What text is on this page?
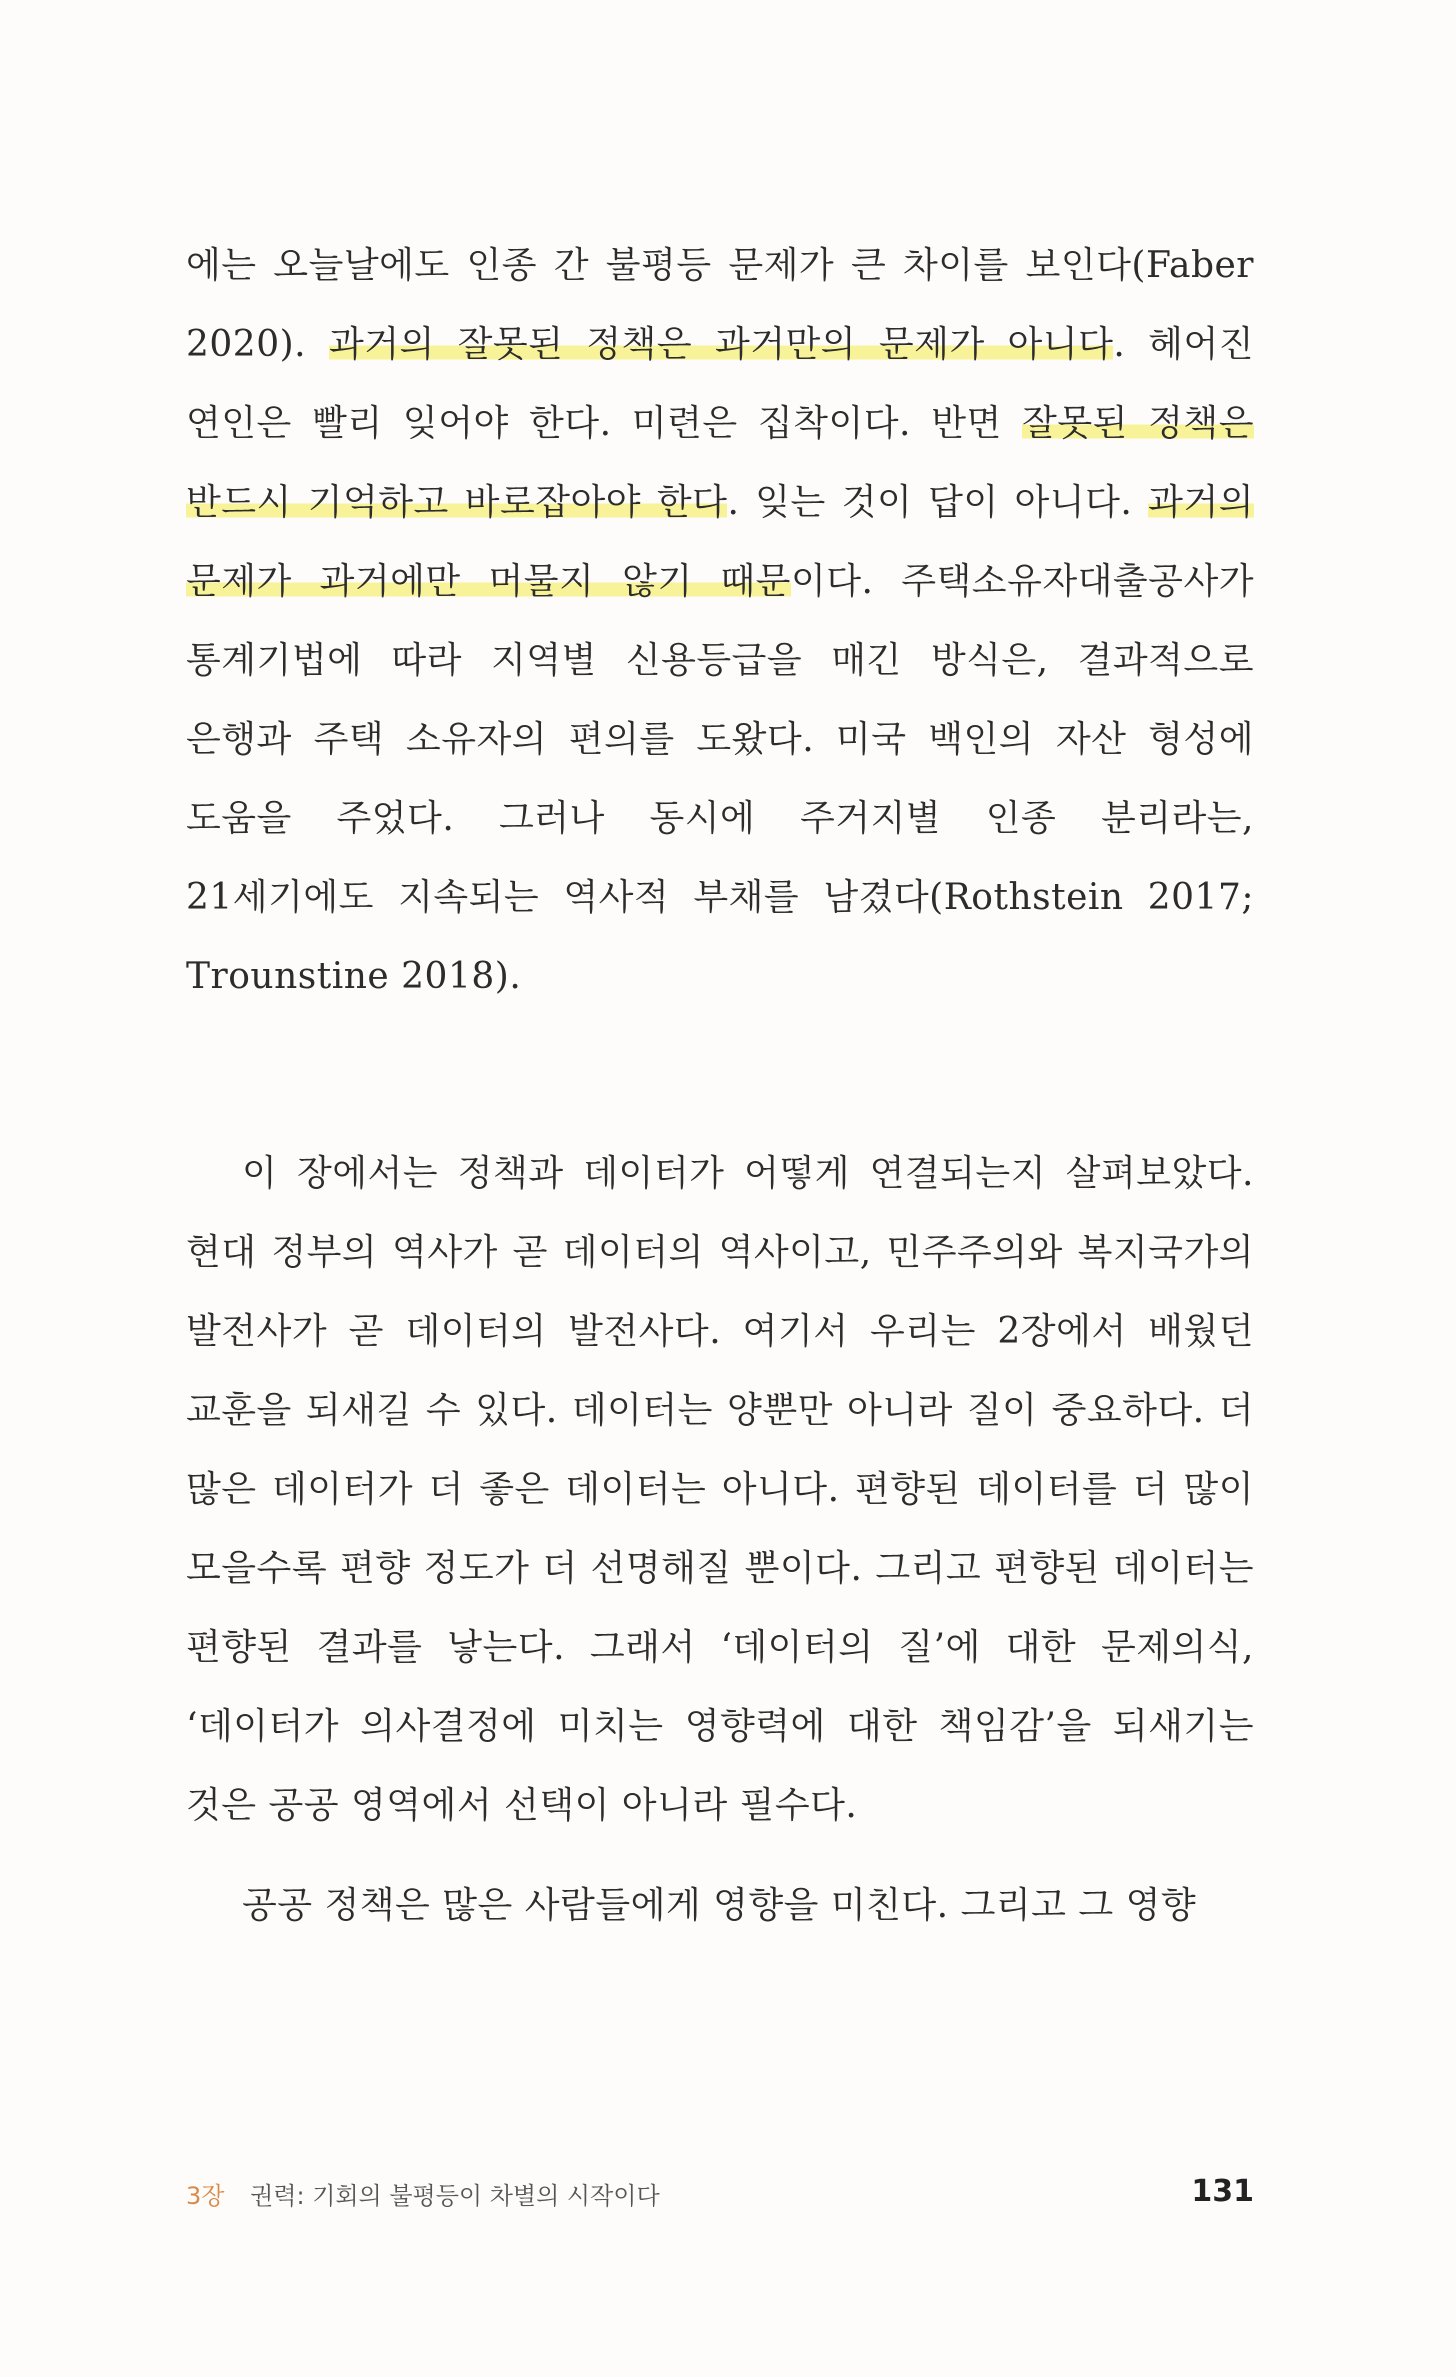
에는 오늘날에도 인종 간 불평등 문제가 큰 차이를 보인다(Faber 2020). 과거의 잘못된 정책은 과거만의 문제가 아니다. 헤어진 연인은 빨리 잊어야 한다. 미련은 집착이다. 반면 잘못된 정책은 반드시 기억하고 바로잡아야 한다. 잊는 것이 답이 아니다. 과거의 문제가 과거에만 머물지 않기 때문이다. 주택소유자대출공사가 통계기법에 따라 지역별 신용등급을 매긴 방식은, 결과적으로 은행과 주택 소유자의 편의를 도왔다. 미국 백인의 자산 형성에 도움을 주었다. 그러나 동시에 주거지별 인종 분리라는, 21세기에도 지속되는 역사적 부채를 남겼다(Rothstein 2017; Trounstine 2018).

이 장에서는 정책과 데이터가 어떻게 연결되는지 살펴보았다. 현대 정부의 역사가 곧 데이터의 역사이고, 민주주의와 복지국가의 발전사가 곧 데이터의 발전사다. 여기서 우리는 2장에서 배웠던 교훈을 되새길 수 있다. 데이터는 양뿐만 아니라 질이 중요하다. 더 많은 데이터가 더 좋은 데이터는 아니다. 편향된 데이터를 더 많이 모을수록 편향 정도가 더 선명해질 뿐이다. 그리고 편향된 데이터는 편향된 결과를 낳는다. 그래서 ‘데이터의 질’에 대한 문제의식, ‘데이터가 의사결정에 미치는 영향력에 대한 책임감’을 되새기는 것은 공공 영역에서 선택이 아니라 필수다.

공공 정책은 많은 사람들에게 영향을 미친다. 그리고 그 영향

3장 권력: 기회의 불평등이 차별의 시작이다	131
